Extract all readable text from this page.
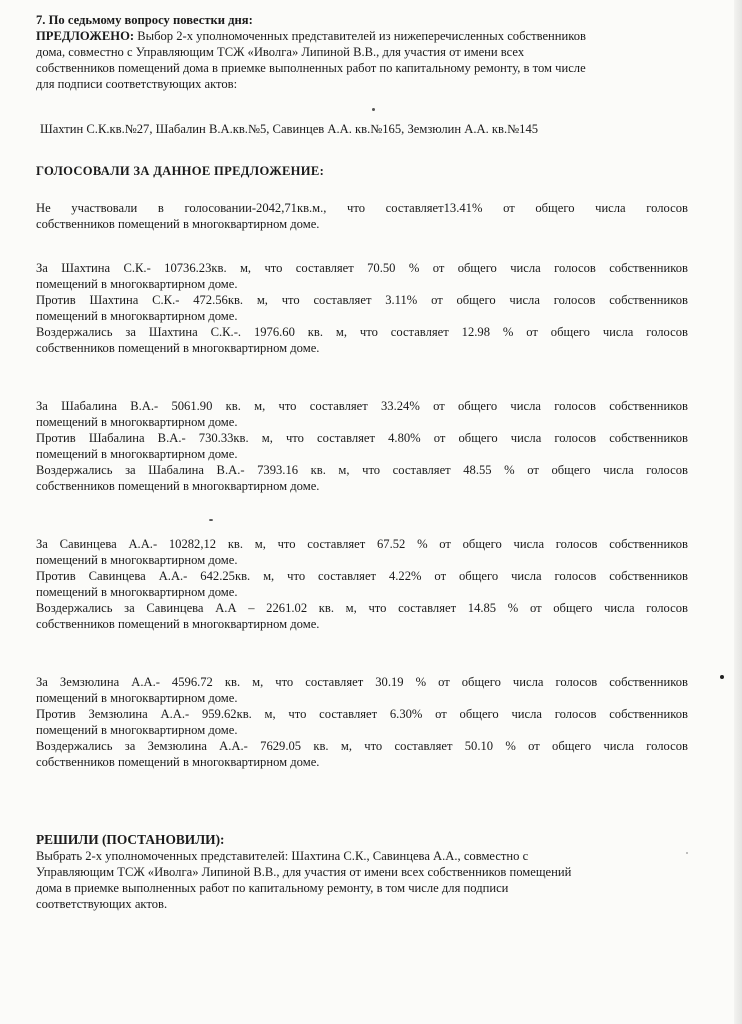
7. По седьмому вопросу повестки дня:

ПРЕДЛОЖЕНО: Выбор 2-х уполномоченных представителей из нижеперечисленных собственников

дома, совместно с Управляющим ТСЖ «Иволга» Липиной В.В., для участия от имени всех

собственников помещений дома в приемке выполненных работ по капитальному ремонту, в том числе

для подписи соответствующих актов:

Шахтин С.К.кв.№27, Шабалин В.А.кв.№5, Савинцев А.А. кв.№165, Земзюлин А.А. кв.№145

ГОЛОСОВАЛИ ЗА ДАННОЕ ПРЕДЛОЖЕНИЕ:

Не участвовали в голосовании-2042,71кв.м., что составляет13.41% от общего числа голосов

собственников помещений в многоквартирном доме.

За Шахтина С.К.- 10736.23кв. м, что составляет 70.50 % от общего числа голосов собственников

помещений в многоквартирном доме.

Против Шахтина С.К.- 472.56кв. м, что составляет 3.11% от общего числа голосов собственников

помещений в многоквартирном доме.

Воздержались за Шахтина С.К.-. 1976.60 кв. м, что составляет 12.98 % от общего числа голосов

собственников помещений в многоквартирном доме.

За Шабалина В.А.- 5061.90 кв. м, что составляет 33.24% от общего числа голосов собственников

помещений в многоквартирном доме.

Против Шабалина В.А.- 730.33кв. м, что составляет 4.80% от общего числа голосов собственников

помещений в многоквартирном доме.

Воздержались за Шабалина В.А.- 7393.16 кв. м, что составляет 48.55 % от общего числа голосов

собственников помещений в многоквартирном доме.

За Савинцева А.А.- 10282,12 кв. м, что составляет 67.52 % от общего числа голосов собственников

помещений в многоквартирном доме.

Против Савинцева А.А.- 642.25кв. м, что составляет 4.22% от общего числа голосов собственников

помещений в многоквартирном доме.

Воздержались за Савинцева А.А – 2261.02 кв. м, что составляет 14.85 % от общего числа голосов

собственников помещений в многоквартирном доме.

За Земзюлина А.А.- 4596.72 кв. м, что составляет 30.19 % от общего числа голосов собственников

помещений в многоквартирном доме.

Против Земзюлина А.А.- 959.62кв. м, что составляет 6.30% от общего числа голосов собственников

помещений в многоквартирном доме.

Воздержались за Земзюлина А.А.- 7629.05 кв. м, что составляет 50.10 % от общего числа голосов

собственников помещений в многоквартирном доме.

РЕШИЛИ (ПОСТАНОВИЛИ):

Выбрать 2-х уполномоченных представителей: Шахтина С.К., Савинцева А.А., совместно с

Управляющим ТСЖ «Иволга» Липиной В.В., для участия от имени всех собственников помещений

дома в приемке выполненных работ по капитальному ремонту, в том числе для подписи

соответствующих актов.
